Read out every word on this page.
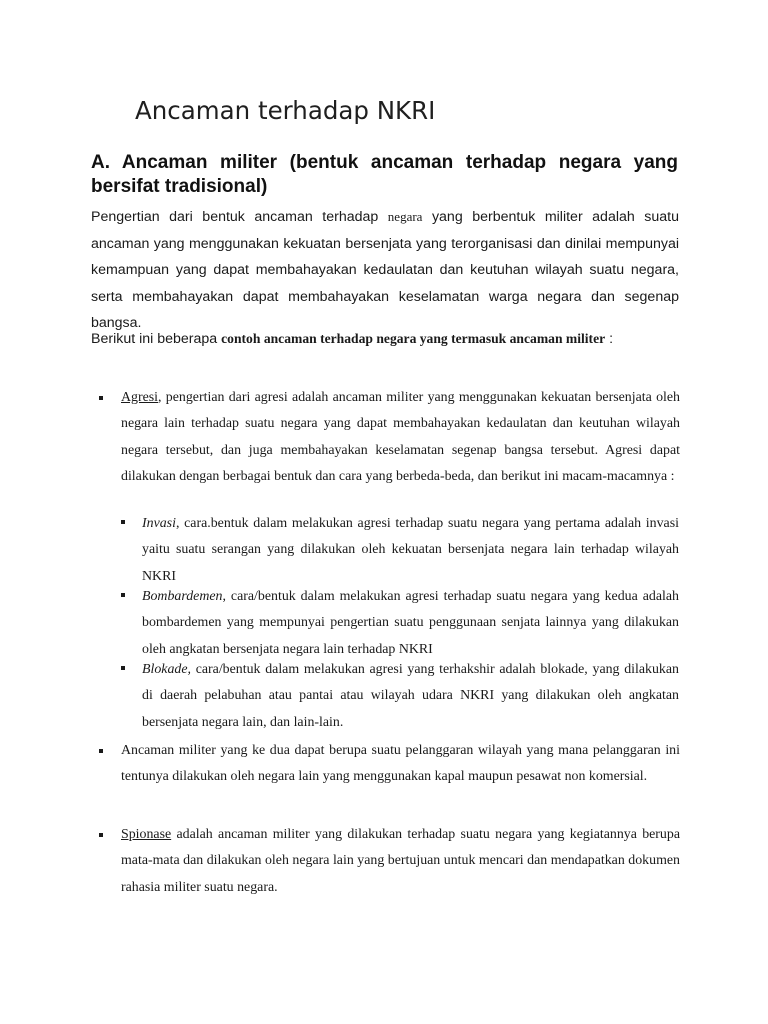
Ancaman terhadap NKRI
A. Ancaman militer (bentuk ancaman terhadap negara yang bersifat tradisional)

Pengertian dari bentuk ancaman terhadap negara yang berbentuk militer adalah suatu ancaman yang menggunakan kekuatan bersenjata yang terorganisasi dan dinilai mempunyai kemampuan yang dapat membahayakan kedaulatan dan keutuhan wilayah suatu negara, serta membahayakan dapat membahayakan keselamatan warga negara dan segenap bangsa.

Berikut ini beberapa contoh ancaman terhadap negara yang termasuk ancaman militer :

Agresi, pengertian dari agresi adalah ancaman militer yang menggunakan kekuatan bersenjata oleh negara lain terhadap suatu negara yang dapat membahayakan kedaulatan dan keutuhan wilayah negara tersebut, dan juga membahayakan keselamatan segenap bangsa tersebut. Agresi dapat dilakukan dengan berbagai bentuk dan cara yang berbeda-beda, dan berikut ini macam-macamnya :

Invasi, cara.bentuk dalam melakukan agresi terhadap suatu negara yang pertama adalah invasi yaitu suatu serangan yang dilakukan oleh kekuatan bersenjata negara lain terhadap wilayah NKRI

Bombardemen, cara/bentuk dalam melakukan agresi terhadap suatu negara yang kedua adalah bombardemen yang mempunyai pengertian suatu penggunaan senjata lainnya yang dilakukan oleh angkatan bersenjata negara lain terhadap NKRI

Blokade, cara/bentuk dalam melakukan agresi yang terhakshir adalah blokade, yang dilakukan di daerah pelabuhan atau pantai atau wilayah udara NKRI yang dilakukan oleh angkatan bersenjata negara lain, dan lain-lain.

Ancaman militer yang ke dua dapat berupa suatu pelanggaran wilayah yang mana pelanggaran ini tentunya dilakukan oleh negara lain yang menggunakan kapal maupun pesawat non komersial.

Spionase adalah ancaman militer yang dilakukan terhadap suatu negara yang kegiatannya berupa mata-mata dan dilakukan oleh negara lain yang bertujuan untuk mencari dan mendapatkan dokumen rahasia militer suatu negara.
